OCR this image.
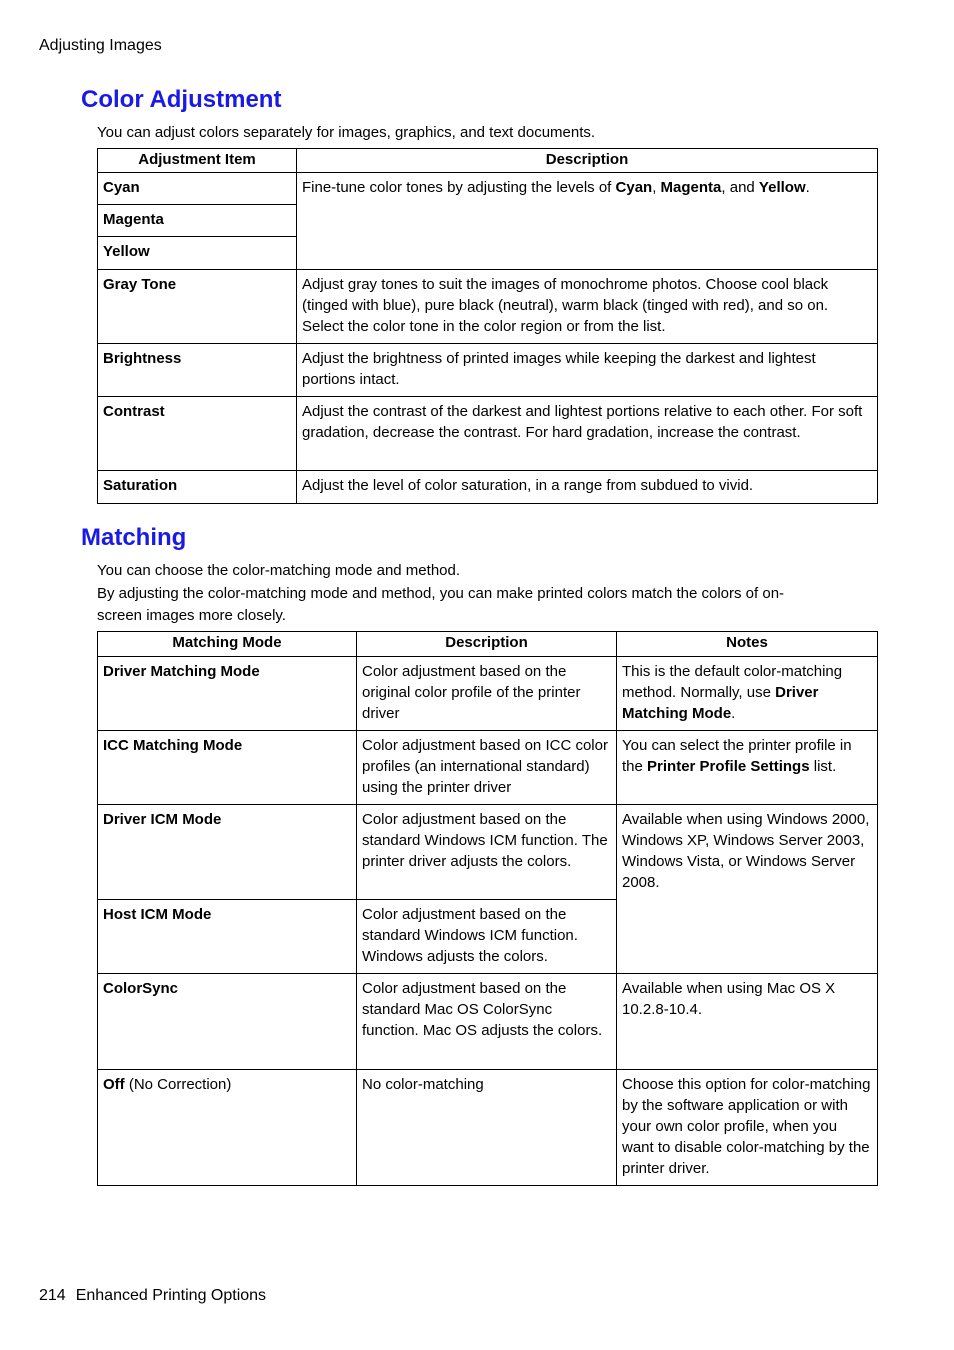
Adjusting Images
Color Adjustment
You can adjust colors separately for images, graphics, and text documents.
Adjustment Item	Description
Cyan	Fine-tune color tones by adjusting the levels of Cyan, Magenta, and Yellow.
Magenta	
Yellow	
Gray Tone	Adjust gray tones to suit the images of monochrome photos. Choose cool black (tinged with blue), pure black (neutral), warm black (tinged with red), and so on. Select the color tone in the color region or from the list.
Brightness	Adjust the brightness of printed images while keeping the darkest and lightest portions intact.
Contrast	Adjust the contrast of the darkest and lightest portions relative to each other. For soft gradation, decrease the contrast. For hard gradation, increase the contrast.
Saturation	Adjust the level of color saturation, in a range from subdued to vivid.
Matching
You can choose the color-matching mode and method.
By adjusting the color-matching mode and method, you can make printed colors match the colors of on-screen images more closely.
Matching Mode	Description	Notes
Driver Matching Mode	Color adjustment based on the original color profile of the printer driver	This is the default color-matching method. Normally, use Driver Matching Mode.
ICC Matching Mode	Color adjustment based on ICC color profiles (an international standard) using the printer driver	You can select the printer profile in the Printer Profile Settings list.
Driver ICM Mode	Color adjustment based on the standard Windows ICM function. The printer driver adjusts the colors.	Available when using Windows 2000, Windows XP, Windows Server 2003, Windows Vista, or Windows Server 2008.
Host ICM Mode	Color adjustment based on the standard Windows ICM function. Windows adjusts the colors.	
ColorSync	Color adjustment based on the standard Mac OS ColorSync function. Mac OS adjusts the colors.	Available when using Mac OS X 10.2.8-10.4.
Off (No Correction)	No color-matching	Choose this option for color-matching by the software application or with your own color profile, when you want to disable color-matching by the printer driver.
214 Enhanced Printing Options
